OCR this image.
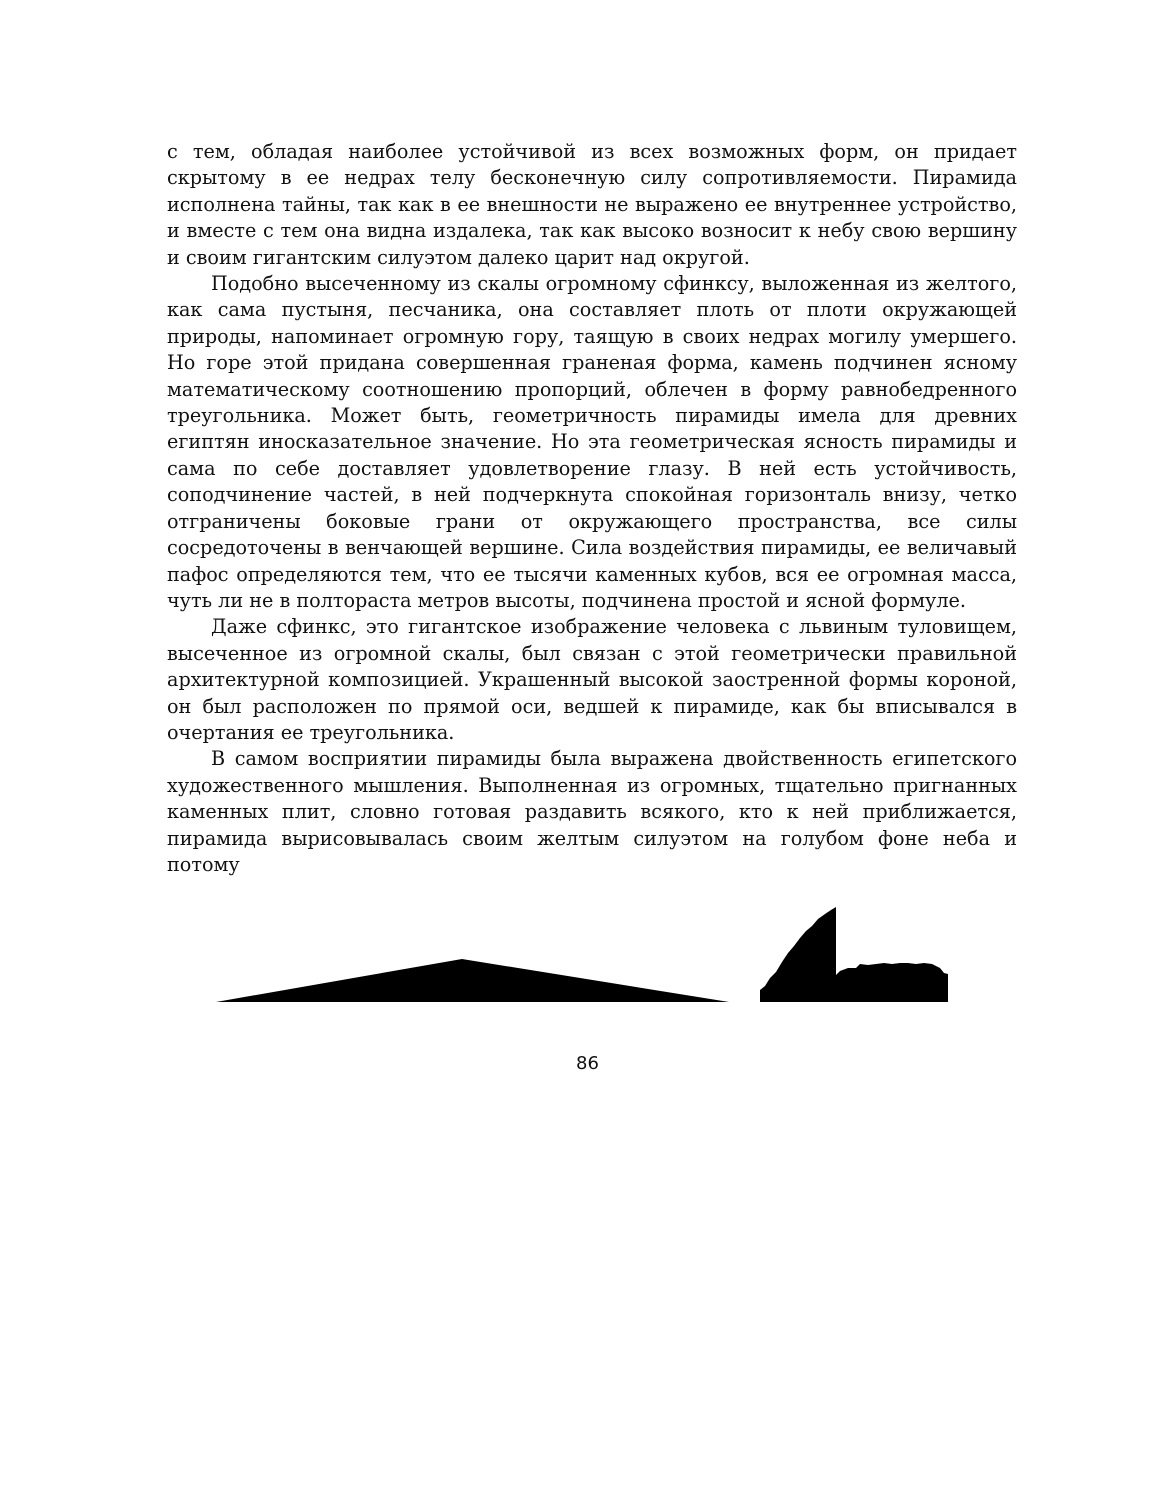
с тем, обладая наиболее устойчивой из всех возможных форм, он придает скрытому в ее недрах телу бесконечную силу сопротивляемости. Пирамида исполнена тайны, так как в ее внешности не выражено ее внутреннее устройство, и вместе с тем она видна издалека, так как высоко возносит к небу свою вершину и своим гигантским силуэтом далеко царит над округой.

Подобно высеченному из скалы огромному сфинксу, выложенная из желтого, как сама пустыня, песчаника, она составляет плоть от плоти окружающей природы, напоминает огромную гору, таящую в своих недрах могилу умершего. Но горе этой придана совершенная граненая форма, камень подчинен ясному математическому соотношению пропорций, облечен в форму равнобедренного треугольника. Может быть, геометричность пирамиды имела для древних египтян иносказательное значение. Но эта геометрическая ясность пирамиды и сама по себе доставляет удовлетворение глазу. В ней есть устойчивость, соподчинение частей, в ней подчеркнута спокойная горизонталь внизу, четко отграничены боковые грани от окружающего пространства, все силы сосредоточены в венчающей вершине. Сила воздействия пирамиды, ее величавый пафос определяются тем, что ее тысячи каменных кубов, вся ее огромная масса, чуть ли не в полтораста метров высоты, подчинена простой и ясной формуле.

Даже сфинкс, это гигантское изображение человека с львиным туловищем, высеченное из огромной скалы, был связан с этой геометрически правильной архитектурной композицией. Украшенный высокой заостренной формы короной, он был расположен по прямой оси, ведшей к пирамиде, как бы вписывался в очертания ее треугольника.

В самом восприятии пирамиды была выражена двойственность египетского художественного мышления. Выполненная из огромных, тщательно пригнанных каменных плит, словно готовая раздавить всякого, кто к ней приближается, пирамида вырисовывалась своим желтым силуэтом на голубом фоне неба и потому

86
